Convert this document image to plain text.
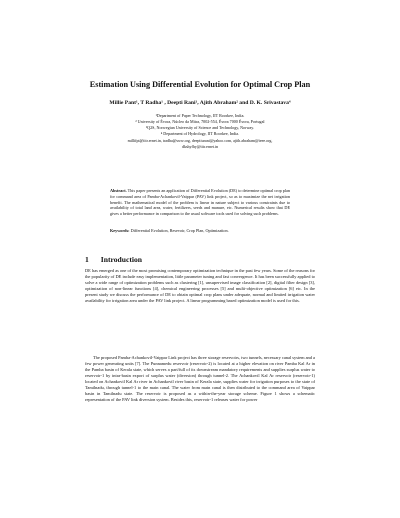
Estimation Using Differential Evolution for Optimal Crop Plan
Millie Pant¹, T Radha¹ , Deepti Rani¹, Ajith Abraham² and D. K. Srivastava⁴
¹Department of Paper Technology, IIT Roorkee, India.
² University of Évora, Núcleo da Mitra, 7002-554, Évora 7000 Évora, Portugal
³Q2S, Norwegian University of Science and Technology, Norway.
⁴ Department of Hydrology, IIT Roorkee, India.
millifpt@iitr.ernet.in, tradha@sww.org, deeptiurani@yahoo.com, ajith.abraham@ieee.org,
dkshyfhy@iitr.ernet.in
Abstract. This paper presents an application of Differential Evolution (DE) to determine optimal crop plan for command area of Pamba-Achankovil-Vaippar (PAV) link project, so as to maximize the net irrigation benefit. The mathematical model of the problem is linear in nature subject to various constraints due to availability of total land area, water, fertilizers, seeds and manure, etc. Numerical results show that DE gives a better performance in comparison to the usual software tools used for solving such problems.
Keywords: Differential Evolution, Resevoir, Crop Plan, Optimization.
1 Introduction
DE has emerged as one of the most promising contemporary optimization technique in the past few years. Some of the reasons for the popularity of DE include easy implementation, little parameter tuning and fast convergence. It has been successfully applied to solve a wide range of optimization problems such as clustering [1], unsupervised image classification [2], digital filter design [3], optimization of non-linear functions [4], chemical engineering processes [5] and multi-objective optimization [6] etc. In the present study we discuss the performance of DE to obtain optimal crop plans under adequate, normal and limited irrigation water availability for irrigation area under the PAV link project. A linear programming based optimization model is used for this.
The proposed Pamba-Achankovil-Vaippar Link project has three storage reservoirs, two tunnels, necessary canal system and a few power generating units [7]. The Punnamedu reservoir (reservoir-2) is located at a higher elevation on river Pamba Kal Ar in the Pamba basin of Kerala state, which serves a part/full of its downstream mandatory requirements and supplies surplus water to reservoir-1 by intra-basin export of surplus water (diversion) through tunnel-2. The Achankovil Kal Ar reservoir (reservoir-1) located on Achankovil Kal Ar river in Achankovil river basin of Kerala state, supplies water for irrigation purposes to the state of Tamilnadu, through tunnel-1 to the main canal. The water from main canal is then distributed to the command area of Vaippar basin in Tamilnadu state. The reservoir is proposed as a within-the-year storage scheme. Figure 1 shows a schematic representation of the PAV link diversion system. Besides this, reservoir-1 releases water for power
